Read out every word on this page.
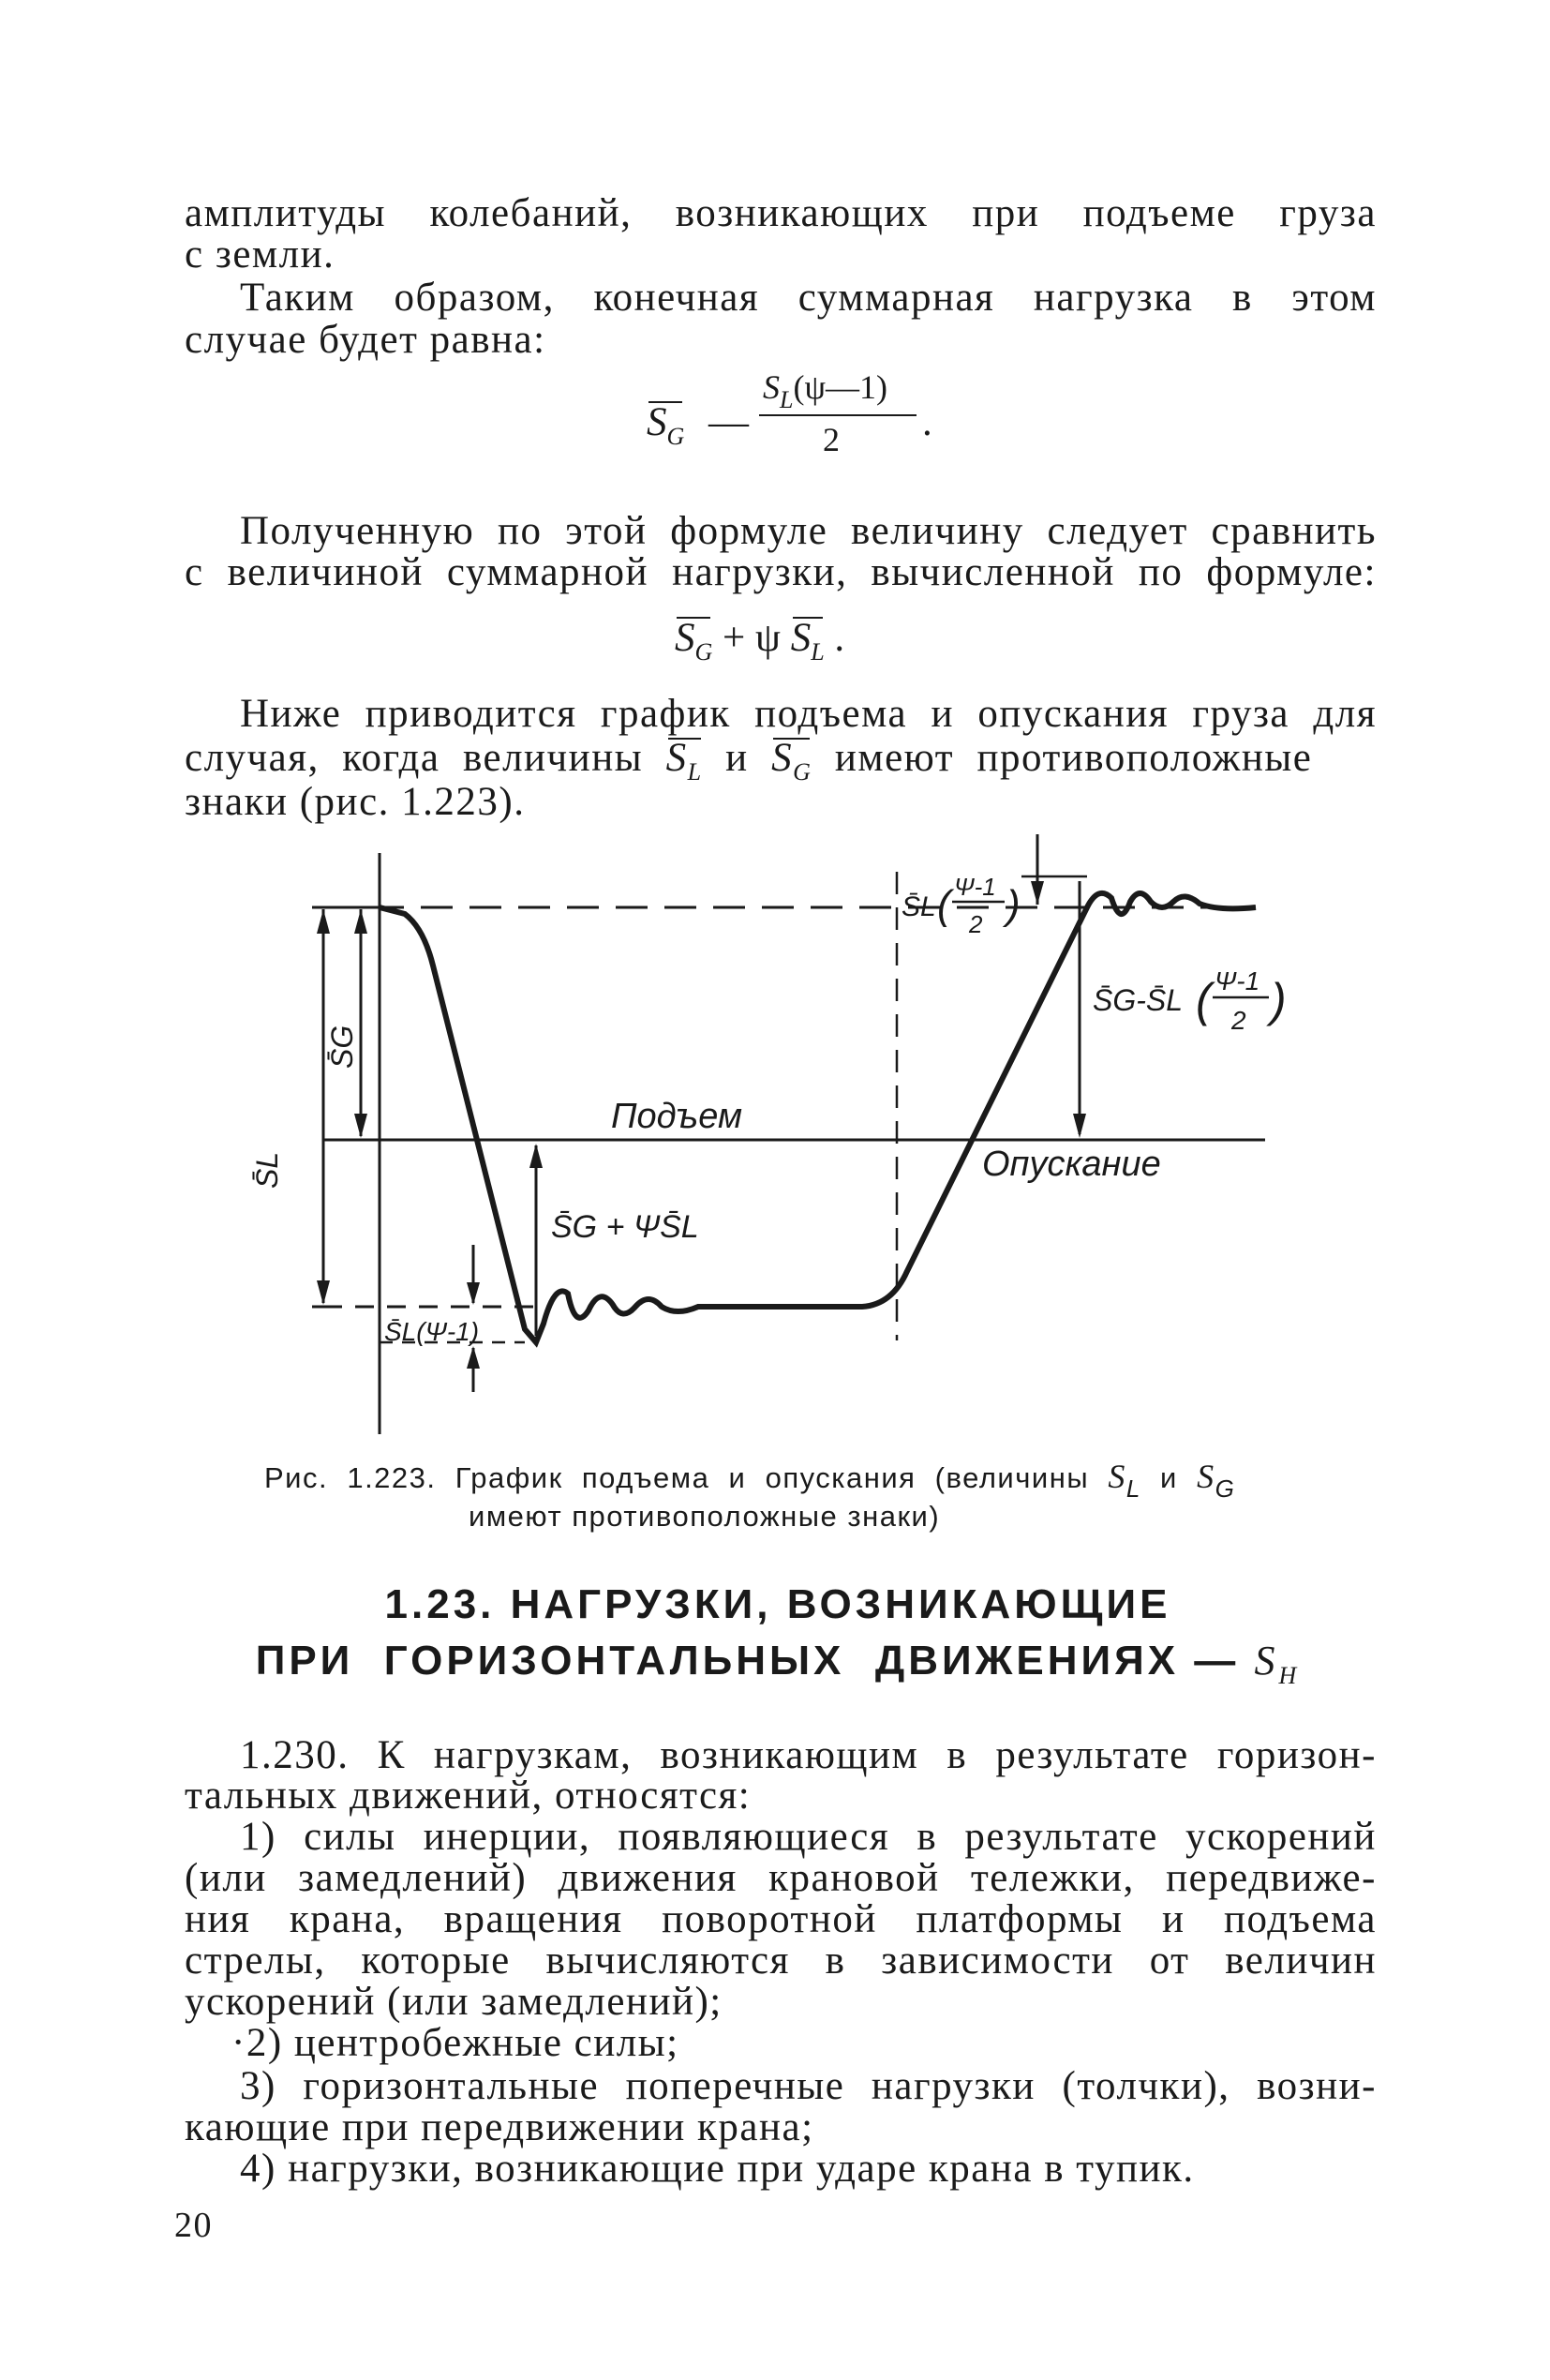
амплитуды колебаний, возникающих при подъеме груза
с земли.
Таким образом, конечная суммарная нагрузка в этом
случае будет равна:
$S_G$ —
$S_L(\psi—1)$
2 .
Полученную по этой формуле величину следует сравнить
с величиной суммарной нагрузки, вычисленной по формуле:
$S_G + \psi$ $S_L$ .
Ниже приводится график подъема и опускания груза для
случая,  когда  величины  $S_L$  и  $S_G$  имеют  противоположные
знаки (рис. 1.223).
Подъем
Опускание
S̄L
S̄G
S̄G + ΨS̄L
S̄L(Ψ-1)
S̄L ( Ψ-1
2 )
S̄G-S̄L ( Ψ-1
2 )
Рис.  1.223.  График  подъема  и  опускания  (величины  $S_L$  и  $S_G$
имеют противоположные знаки)
1.23. НАГРУЗКИ, ВОЗНИКАЮЩИЕ
ПРИ  ГОРИЗОНТАЛЬНЫХ  ДВИЖЕНИЯХ — $S_H$
1.230. К нагрузкам, возникающим в результате горизон-
тальных движений, относятся:
1) силы инерции, появляющиеся в результате ускорений
(или замедлений) движения крановой тележки, передвиже-
ния крана, вращения поворотной платформы и подъема
стрелы, которые вычисляются в зависимости от величин
ускорений (или замедлений);
·2) центробежные силы;
3) горизонтальные поперечные нагрузки (толчки), возни-
кающие при передвижении крана;
4) нагрузки, возникающие при ударе крана в тупик.
20
